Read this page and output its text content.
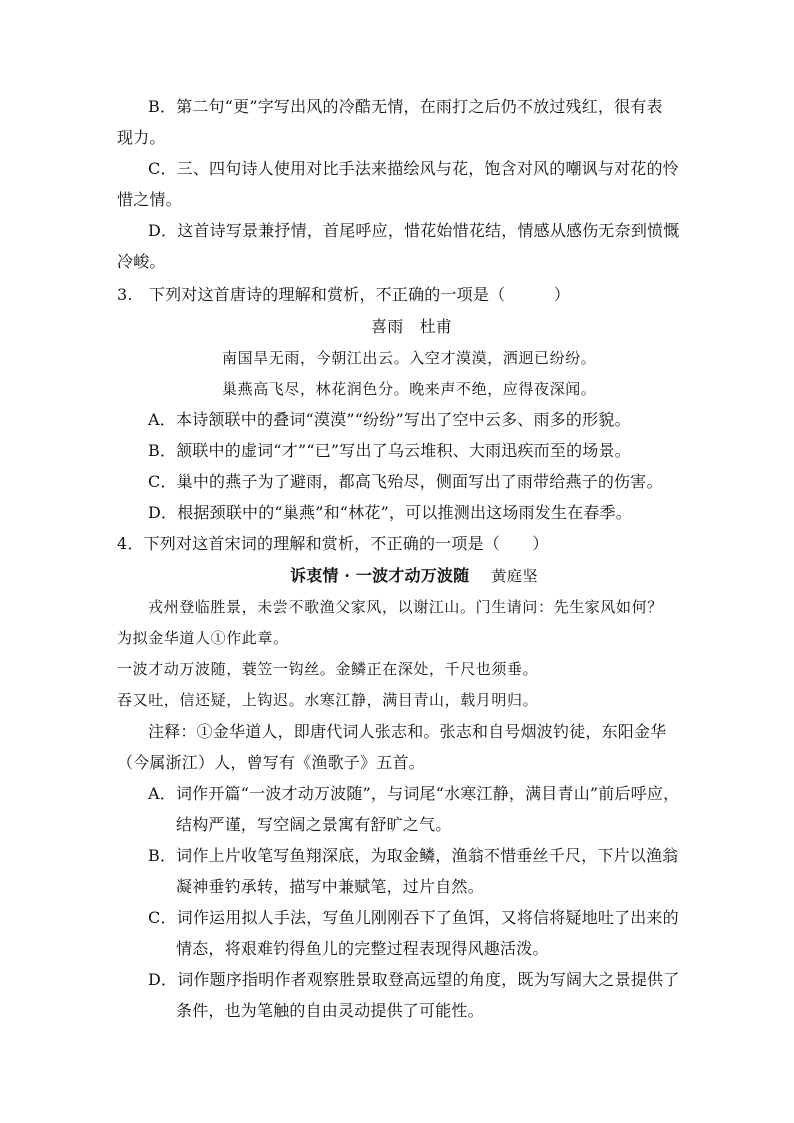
B．第二句“更”字写出风的冷酷无情，在雨打之后仍不放过残红，很有表
现力。
C．三、四句诗人使用对比手法来描绘风与花，饱含对风的嘲讽与对花的怜
惜之情。
D．这首诗写景兼抒情，首尾呼应，惜花始惜花结，情感从感伤无奈到愤慨
冷峻。
3.　下列对这首唐诗的理解和赏析，不正确的一项是（　　　）
喜雨　杜甫
南国旱无雨，今朝江出云。入空才漠漠，洒迥已纷纷。
巢燕高飞尽，林花润色分。晚来声不绝，应得夜深闻。
A．本诗颔联中的叠词“漠漠”“纷纷”写出了空中云多、雨多的形貌。
B．颔联中的虚词“才”“已”写出了乌云堆积、大雨迅疾而至的场景。
C．巢中的燕子为了避雨，都高飞殆尽，侧面写出了雨带给燕子的伤害。
D．根据颈联中的“巢燕”和“林花”，可以推测出这场雨发生在春季。
4．下列对这首宋词的理解和赏析，不正确的一项是（　　）
诉衷情 · 一波才动万波随 黄庭坚
戎州登临胜景，未尝不歌渔父家风，以谢江山。门生请问：先生家风如何？
为拟金华道人①作此章。
一波才动万波随，蓑笠一钩丝。金鳞正在深处，千尺也须垂。
吞又吐，信还疑，上钩迟。水寒江静，满目青山，载月明归。
注释：①金华道人，即唐代词人张志和。张志和自号烟波钓徒，东阳金华
（今属浙江）人，曾写有《渔歌子》五首。
A．词作开篇“一波才动万波随”，与词尾“水寒江静，满目青山”前后呼应，
结构严谨，写空阔之景寓有舒旷之气。
B．词作上片收笔写鱼翔深底，为取金鳞，渔翁不惜垂丝千尺，下片以渔翁
凝神垂钓承转，描写中兼赋笔，过片自然。
C．词作运用拟人手法，写鱼儿刚刚吞下了鱼饵，又将信将疑地吐了出来的
情态，将艰难钓得鱼儿的完整过程表现得风趣活泼。
D．词作题序指明作者观察胜景取登高远望的角度，既为写阔大之景提供了
条件，也为笔触的自由灵动提供了可能性。
